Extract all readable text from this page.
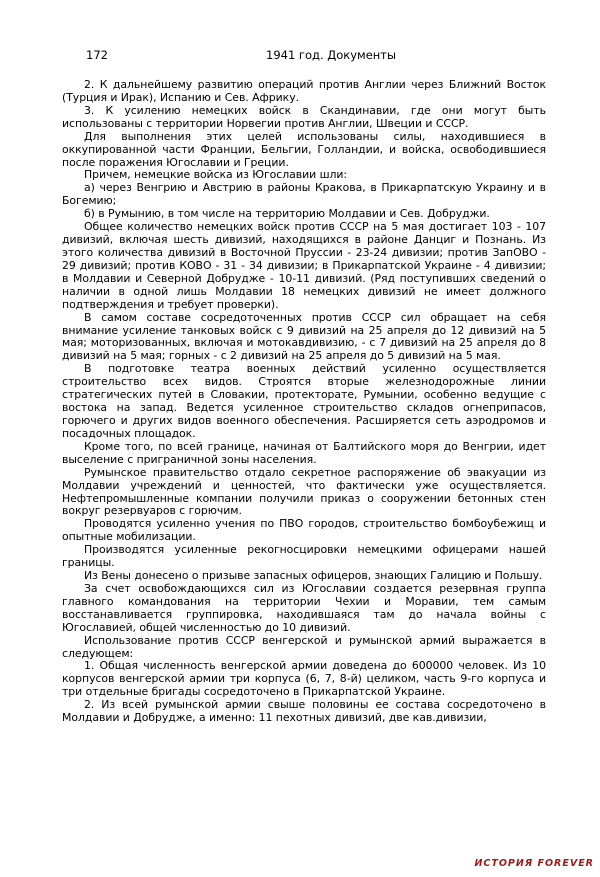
172	1941 год. Документы

2. К дальнейшему развитию операций против Англии через Ближний Восток (Турция и Ирак), Испанию и Сев. Африку.

3. К усилению немецких войск в Скандинавии, где они могут быть использованы с территории Норвегии против Англии, Швеции и СССР.

Для выполнения этих целей использованы силы, находившиеся в оккупированной части Франции, Бельгии, Голландии, и войска, освободившиеся после поражения Югославии и Греции.

Причем, немецкие войска из Югославии шли:

а) через Венгрию и Австрию в районы Кракова, в Прикарпатскую Украину и в Богемию;

б) в Румынию, в том числе на территорию Молдавии и Сев. Добруджи.

Общее количество немецких войск против СССР на 5 мая достигает 103 - 107 дивизий, включая шесть дивизий, находящихся в районе Данциг и Познань. Из этого количества дивизий в Восточной Пруссии - 23-24 дивизии; против ЗапОВО - 29 дивизий; против КОВО - 31 - 34 дивизии; в Прикарпатской Украине - 4 дивизии; в Молдавии и Северной Добрудже - 10-11 дивизий. (Ряд поступивших сведений о наличии в одной лишь Молдавии 18 немецких дивизий не имеет должного подтверждения и требует проверки).

В самом составе сосредоточенных против СССР сил обращает на себя внимание усиление танковых войск с 9 дивизий на 25 апреля до 12 дивизий на 5 мая; моторизованных, включая и мотокавдивизию, - с 7 дивизий на 25 апреля до 8 дивизий на 5 мая; горных - с 2 дивизий на 25 апреля до 5 дивизий на 5 мая.

В подготовке театра военных действий усиленно осуществляется строительство всех видов. Строятся вторые железнодорожные линии стратегических путей в Словакии, протекторате, Румынии, особенно ведущие с востока на запад. Ведется усиленное строительство складов огнеприпасов, горючего и других видов военного обеспечения. Расширяется сеть аэродромов и посадочных площадок.

Кроме того, по всей границе, начиная от Балтийского моря до Венгрии, идет выселение с приграничной зоны населения.

Румынское правительство отдало секретное распоряжение об эвакуации из Молдавии учреждений и ценностей, что фактически уже осуществляется. Нефтепромышленные компании получили приказ о сооружении бетонных стен вокруг резервуаров с горючим.

Проводятся усиленно учения по ПВО городов, строительство бомбоубежищ и опытные мобилизации.

Производятся усиленные рекогносцировки немецкими офицерами нашей границы.

Из Вены донесено о призыве запасных офицеров, знающих Галицию и Польшу.

За счет освобождающихся сил из Югославии создается резервная группа главного командования на территории Чехии и Моравии, тем самым восстанавливается группировка, находившаяся там до начала войны с Югославией, общей численностью до 10 дивизий.

Использование против СССР венгерской и румынской армий выражается в следующем:

1. Общая численность венгерской армии доведена до 600000 человек. Из 10 корпусов венгерской армии три корпуса (6, 7, 8-й) целиком, часть 9-го корпуса и три отдельные бригады сосредоточено в Прикарпатской Украине.

2. Из всей румынской армии свыше половины ее состава сосредоточено в Молдавии и Добрудже, а именно: 11 пехотных дивизий, две кав.дивизии,

ИСТОРИЯ FOREVER
